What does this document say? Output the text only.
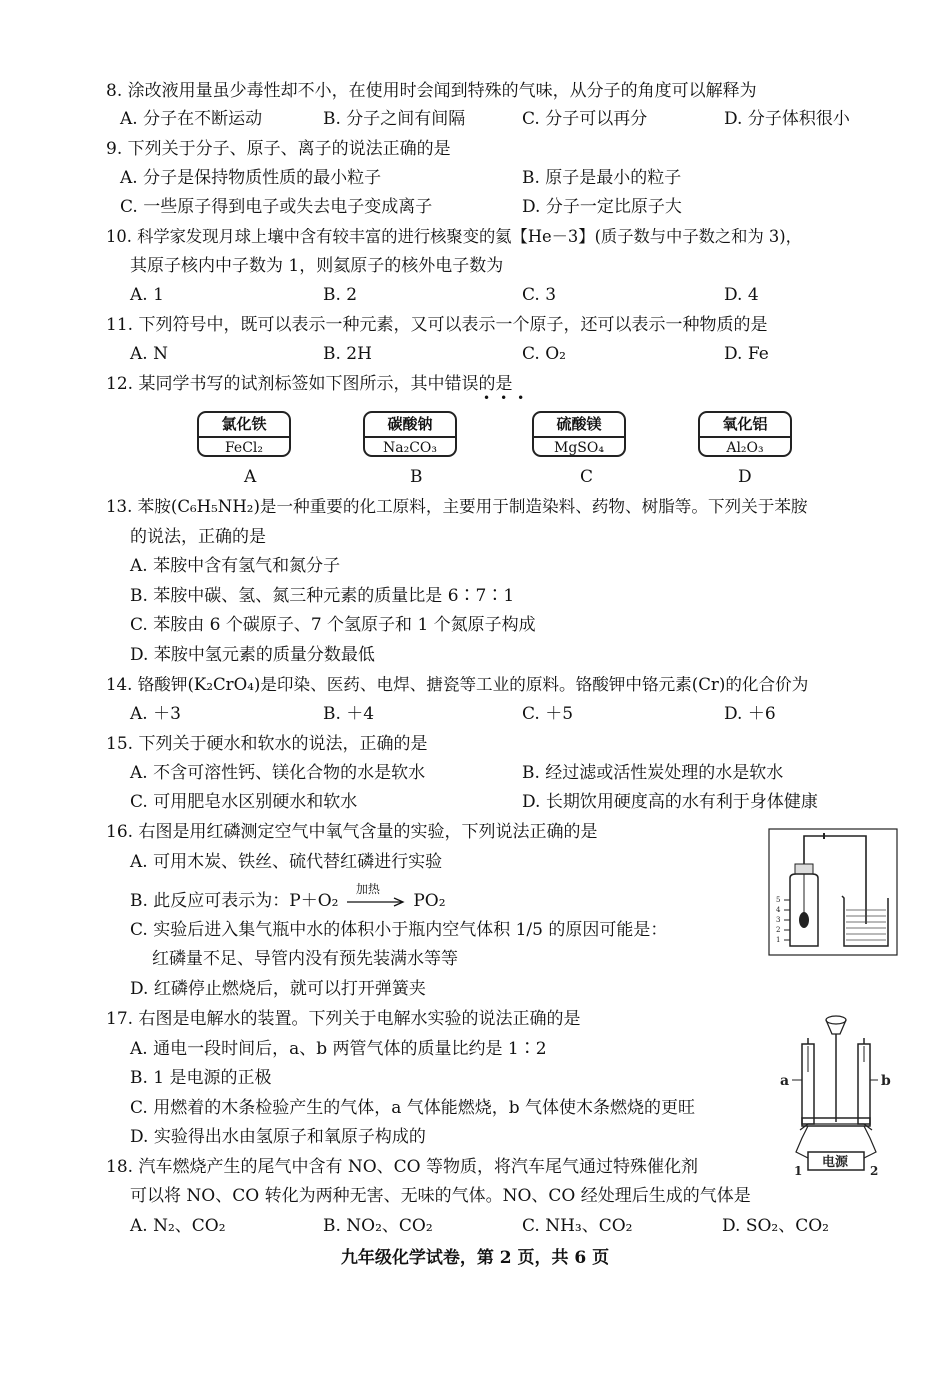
8. 涂改液用量虽少毒性却不小，在使用时会闻到特殊的气味，从分子的角度可以解释为
A. 分子在不断运动	B. 分子之间有间隔	C. 分子可以再分	D. 分子体积很小
9. 下列关于分子、原子、离子的说法正确的是
A. 分子是保持物质性质的最小粒子	B. 原子是最小的粒子
C. 一些原子得到电子或失去电子变成离子	D. 分子一定比原子大
10. 科学家发现月球上壤中含有较丰富的进行核聚变的氦【He－3】(质子数与中子数之和为 3)，
其原子核内中子数为 1，则氦原子的核外电子数为
A. 1	B. 2	C. 3	D. 4
11. 下列符号中，既可以表示一种元素，又可以表示一个原子，还可以表示一种物质的是
A. N	B. 2H	C. O₂	D. Fe
12. 某同学书写的试剂标签如下图所示，其中错误的是
•••
氯化铁
FeCl₂
A
碳酸钠
Na₂CO₃
B
硫酸镁
MgSO₄
C
氧化铝
Al₂O₃
D
13. 苯胺(C₆H₅NH₂)是一种重要的化工原料，主要用于制造染料、药物、树脂等。下列关于苯胺
的说法，正确的是
A. 苯胺中含有氢气和氮分子
B. 苯胺中碳、氢、氮三种元素的质量比是 6∶7∶1
C. 苯胺由 6 个碳原子、7 个氢原子和 1 个氮原子构成
D. 苯胺中氢元素的质量分数最低
14. 铬酸钾(K₂CrO₄)是印染、医药、电焊、搪瓷等工业的原料。铬酸钾中铬元素(Cr)的化合价为
A. ＋3	B. ＋4	C. ＋5	D. ＋6
15. 下列关于硬水和软水的说法，正确的是
A. 不含可溶性钙、镁化合物的水是软水	B. 经过滤或活性炭处理的水是软水
C. 可用肥皂水区别硬水和软水	D. 长期饮用硬度高的水有利于身体健康
16. 右图是用红磷测定空气中氧气含量的实验，下列说法正确的是
A. 可用木炭、铁丝、硫代替红磷进行实验
B. 此反应可表示为：P＋O₂
加热
PO₂
C. 实验后进入集气瓶中水的体积小于瓶内空气体积 1/5 的原因可能是：
红磷量不足、导管内没有预先装满水等等
D. 红磷停止燃烧后，就可以打开弹簧夹
5
4
3
2
1
17. 右图是电解水的装置。下列关于电解水实验的说法正确的是
A. 通电一段时间后，a、b 两管气体的质量比约是 1∶2
B. 1 是电源的正极
C. 用燃着的木条检验产生的气体，a 气体能燃烧，b 气体使木条燃烧的更旺
D. 实验得出水由氢原子和氧原子构成的
a	b
电源
1	2
18. 汽车燃烧产生的尾气中含有 NO、CO 等物质，将汽车尾气通过特殊催化剂
可以将 NO、CO 转化为两种无害、无味的气体。NO、CO 经处理后生成的气体是
A. N₂、CO₂	B. NO₂、CO₂	C. NH₃、CO₂	D. SO₂、CO₂
九年级化学试卷，第 2 页，共 6 页
